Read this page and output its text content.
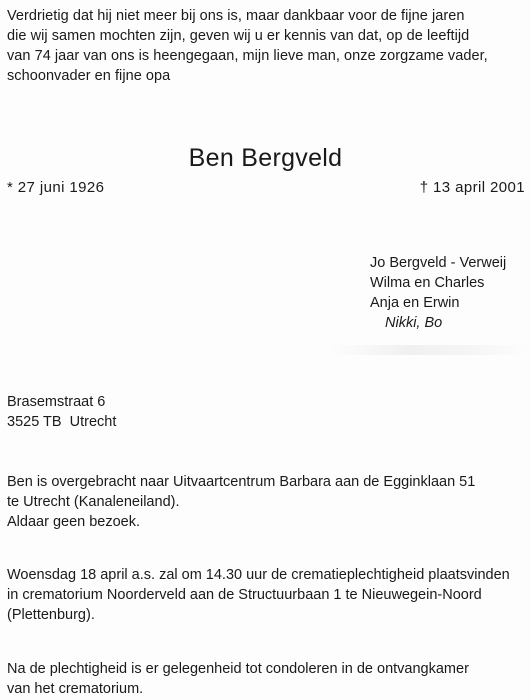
Verdrietig dat hij niet meer bij ons is, maar dankbaar voor de fijne jaren
die wij samen mochten zijn, geven wij u er kennis van dat, op de leeftijd
van 74 jaar van ons is heengegaan, mijn lieve man, onze zorgzame vader,
schoonvader en fijne opa

Ben Bergveld
* 27 juni 1926	† 13 april 2001
Jo Bergveld - Verweij
Wilma en Charles
Anja en Erwin
Nikki, Bo
Brasemstraat 6
3525 TB  Utrecht
Ben is overgebracht naar Uitvaartcentrum Barbara aan de Egginklaan 51
te Utrecht (Kanaleneiland).
Aldaar geen bezoek.
Woensdag 18 april a.s. zal om 14.30 uur de crematieplechtigheid plaatsvinden
in crematorium Noorderveld aan de Structuurbaan 1 te Nieuwegein-Noord
(Plettenburg).
Na de plechtigheid is er gelegenheid tot condoleren in de ontvangkamer
van het crematorium.
